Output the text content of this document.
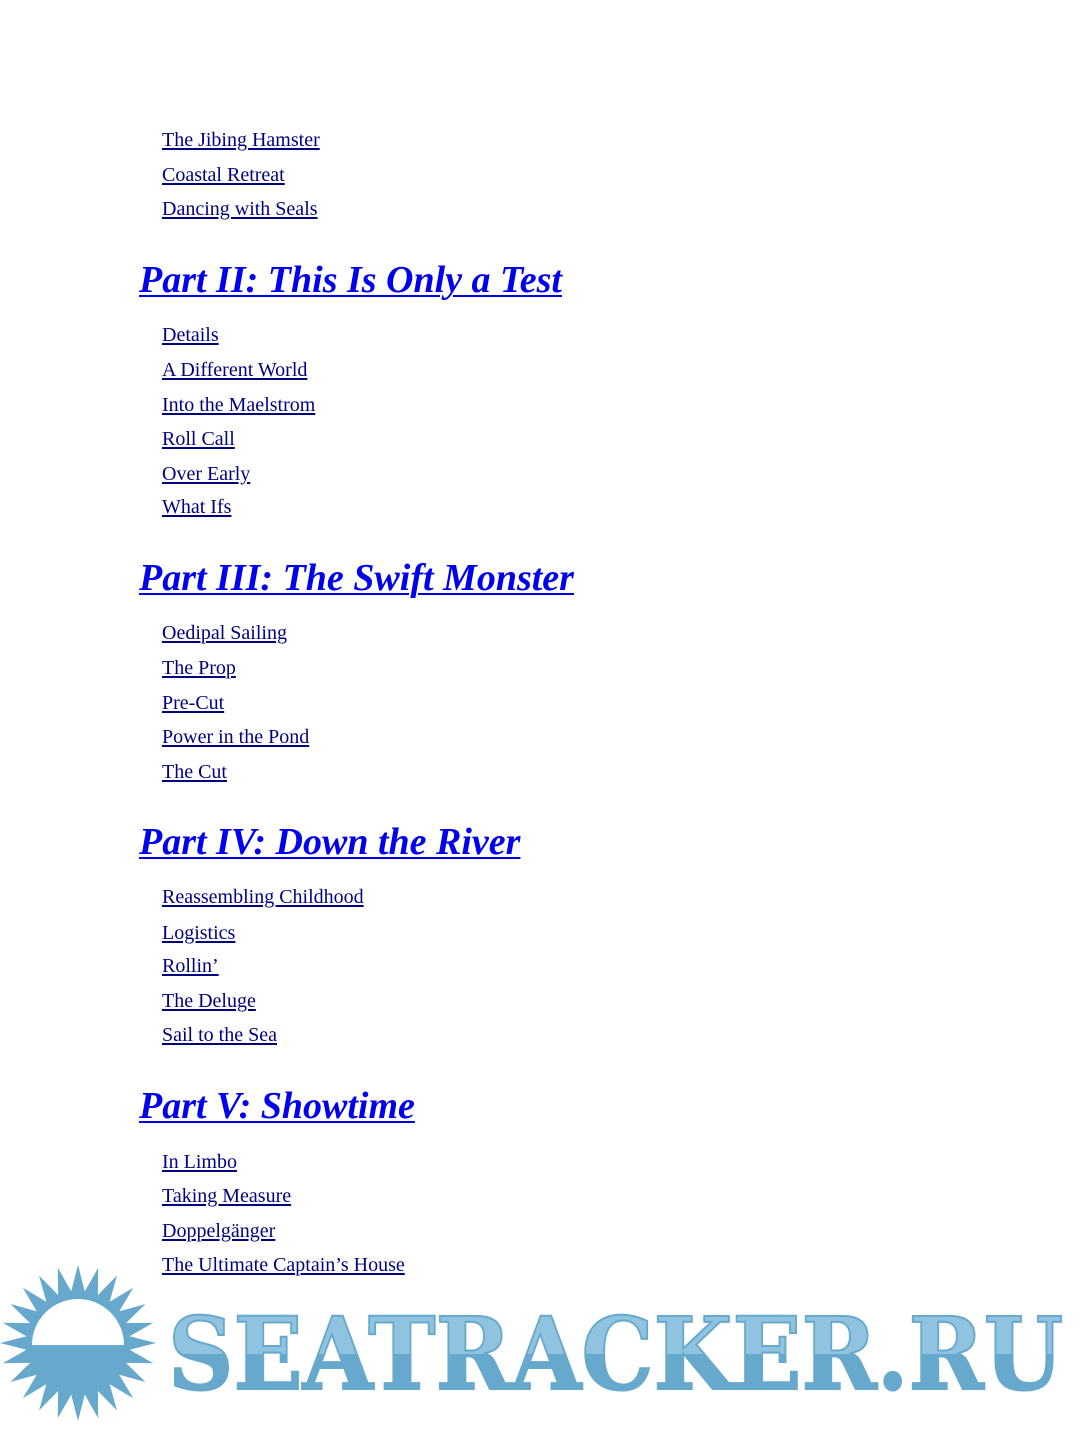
The Jibing Hamster
Coastal Retreat
Dancing with Seals
Part II: This Is Only a Test
Details
A Different World
Into the Maelstrom
Roll Call
Over Early
What Ifs
Part III: The Swift Monster
Oedipal Sailing
The Prop
Pre-Cut
Power in the Pond
The Cut
Part IV: Down the River
Reassembling Childhood
Logistics
Rollin’
The Deluge
Sail to the Sea
Part V: Showtime
In Limbo
Taking Measure
Doppelgänger
The Ultimate Captain’s House
SEATRACKER.RU
